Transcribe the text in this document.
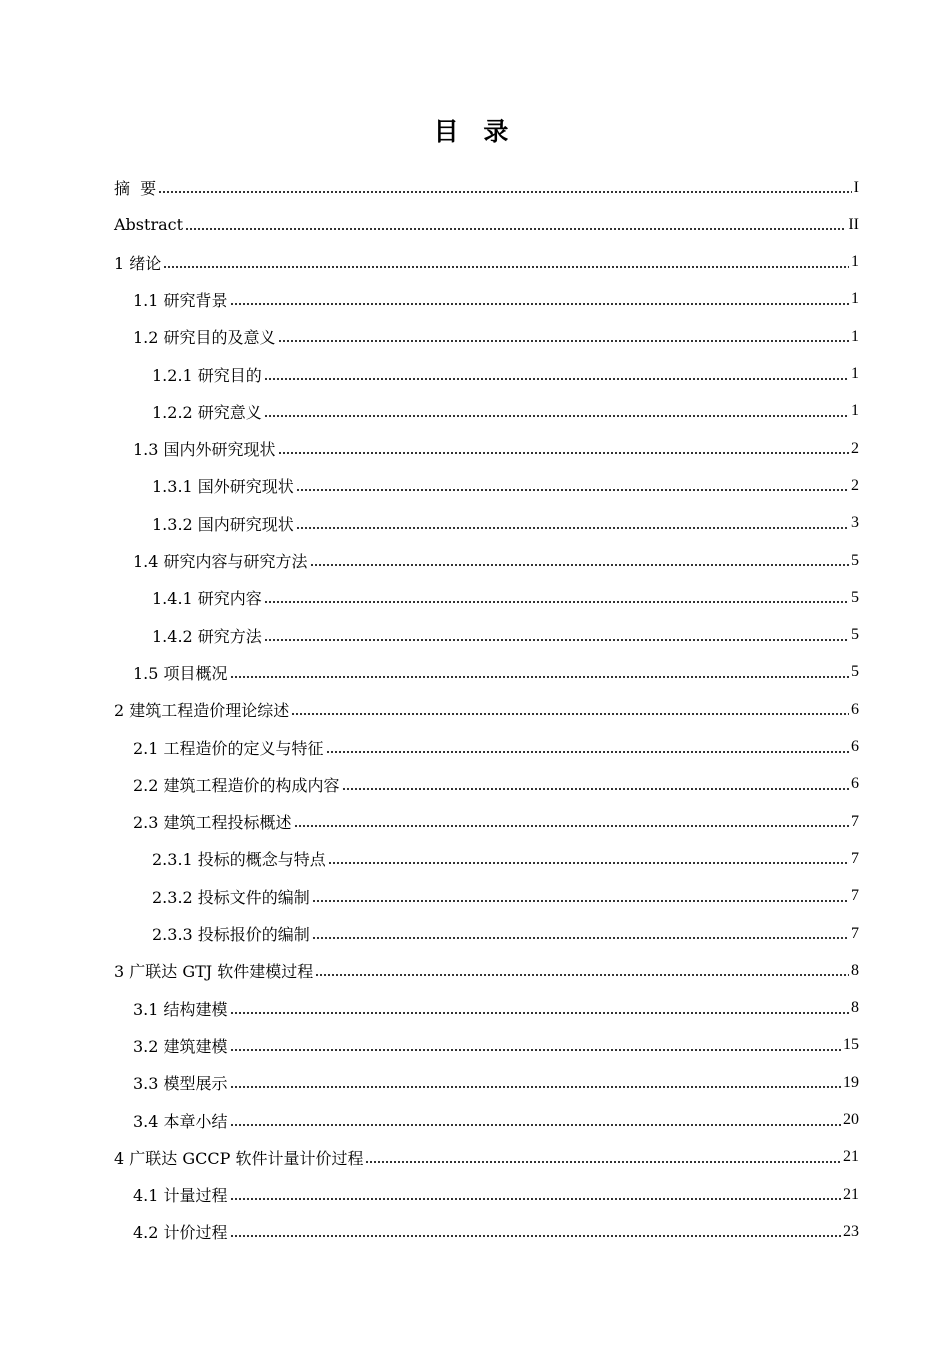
目 录
摘  要	I
Abstract	II
1 绪论	1
1.1 研究背景	1
1.2 研究目的及意义	1
1.2.1 研究目的	1
1.2.2 研究意义	1
1.3 国内外研究现状	2
1.3.1 国外研究现状	2
1.3.2 国内研究现状	3
1.4 研究内容与研究方法	5
1.4.1 研究内容	5
1.4.2 研究方法	5
1.5 项目概况	5
2 建筑工程造价理论综述	6
2.1 工程造价的定义与特征	6
2.2 建筑工程造价的构成内容	6
2.3 建筑工程投标概述	7
2.3.1 投标的概念与特点	7
2.3.2 投标文件的编制	7
2.3.3 投标报价的编制	7
3 广联达 GTJ 软件建模过程	8
3.1 结构建模	8
3.2 建筑建模	15
3.3 模型展示	19
3.4 本章小结	20
4 广联达 GCCP 软件计量计价过程	21
4.1 计量过程	21
4.2 计价过程	23
